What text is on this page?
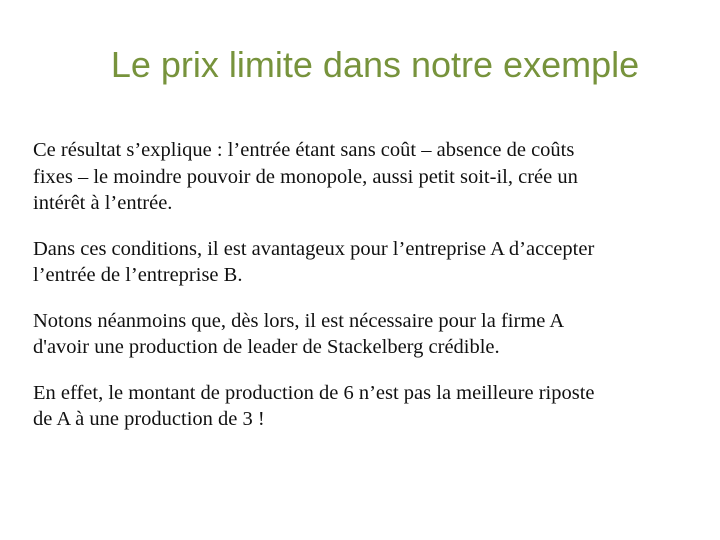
Le prix limite dans notre exemple

Ce résultat s’explique : l’entrée étant sans coût – absence de coûts
fixes – le moindre pouvoir de monopole, aussi petit soit-il, crée un
intérêt à l’entrée.

Dans ces conditions, il est avantageux pour l’entreprise A d’accepter
l’entrée de l’entreprise B.

Notons néanmoins que, dès lors, il est nécessaire pour la firme A
d'avoir une production de leader de Stackelberg crédible.

En effet, le montant de production de 6 n’est pas la meilleure riposte
de A à une production de 3 !
